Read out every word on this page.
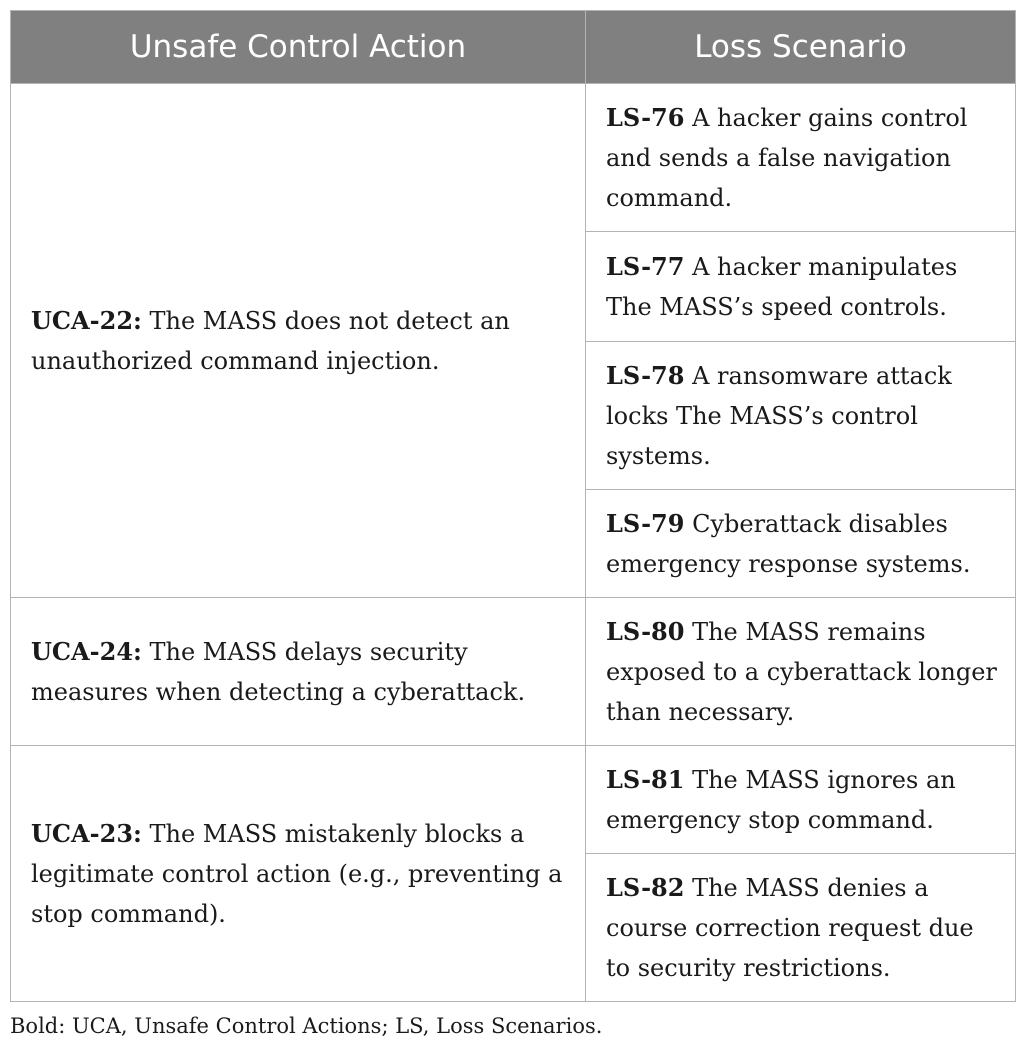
Unsafe Control Action	Loss Scenario
UCA-22: The MASS does not detect an unauthorized command injection.	LS-76 A hacker gains control and sends a false navigation command.
	LS-77 A hacker manipulates The MASS’s speed controls.
	LS-78 A ransomware attack locks The MASS’s control systems.
	LS-79 Cyberattack disables emergency response systems.
UCA-24: The MASS delays security measures when detecting a cyberattack.	LS-80 The MASS remains exposed to a cyberattack longer than necessary.
UCA-23: The MASS mistakenly blocks a legitimate control action (e.g., preventing a stop command).	LS-81 The MASS ignores an emergency stop command.
	LS-82 The MASS denies a course correction request due to security restrictions.
Bold: UCA, Unsafe Control Actions; LS, Loss Scenarios.
